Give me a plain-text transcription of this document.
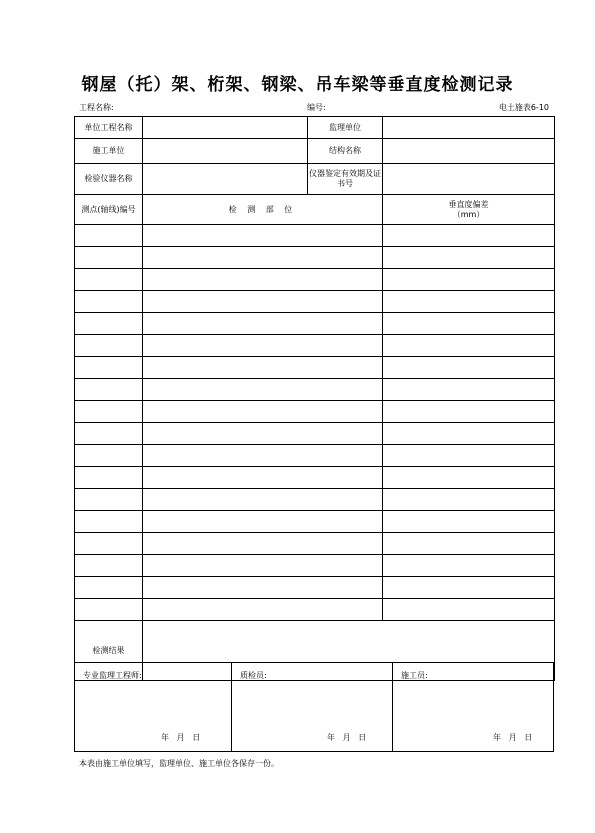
钢屋（托）架、桁架、钢梁、吊车梁等垂直度检测记录
工程名称:	编号:	电土施表6-10
单位工程名称		监理单位	
施工单位		结构名称	
检验仪器名称		仪器鉴定有效期及证书号	
测点(轴线)编号	检 测 部 位		垂直度偏差
（mm）

检测结果			
专业监理工程师:
年   月   日
质检员:
年   月   日
施工员:
年   月   日
本表由施工单位填写，监理单位、施工单位各保存一份。
